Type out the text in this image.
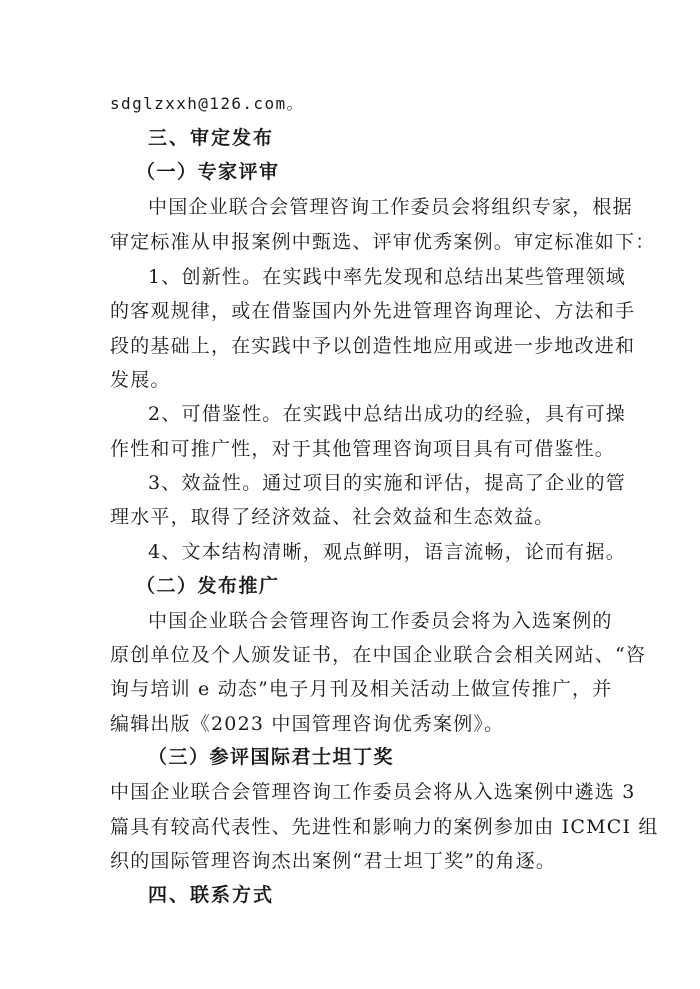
sdglzxxh@126.com。
三、审定发布
（一）专家评审
中国企业联合会管理咨询工作委员会将组织专家，根据
审定标准从申报案例中甄选、评审优秀案例。审定标准如下：
1、创新性。在实践中率先发现和总结出某些管理领域
的客观规律，或在借鉴国内外先进管理咨询理论、方法和手
段的基础上，在实践中予以创造性地应用或进一步地改进和
发展。
2、可借鉴性。在实践中总结出成功的经验，具有可操
作性和可推广性，对于其他管理咨询项目具有可借鉴性。
3、效益性。通过项目的实施和评估，提高了企业的管
理水平，取得了经济效益、社会效益和生态效益。
4、文本结构清晰，观点鲜明，语言流畅，论而有据。
（二）发布推广
中国企业联合会管理咨询工作委员会将为入选案例的
原创单位及个人颁发证书，在中国企业联合会相关网站、“咨
询与培训 e 动态”电子月刊及相关活动上做宣传推广，并
编辑出版《2023 中国管理咨询优秀案例》。
（三）参评国际君士坦丁奖
中国企业联合会管理咨询工作委员会将从入选案例中遴选 3
篇具有较高代表性、先进性和影响力的案例参加由 ICMCI 组
织的国际管理咨询杰出案例“君士坦丁奖”的角逐。
四、联系方式
